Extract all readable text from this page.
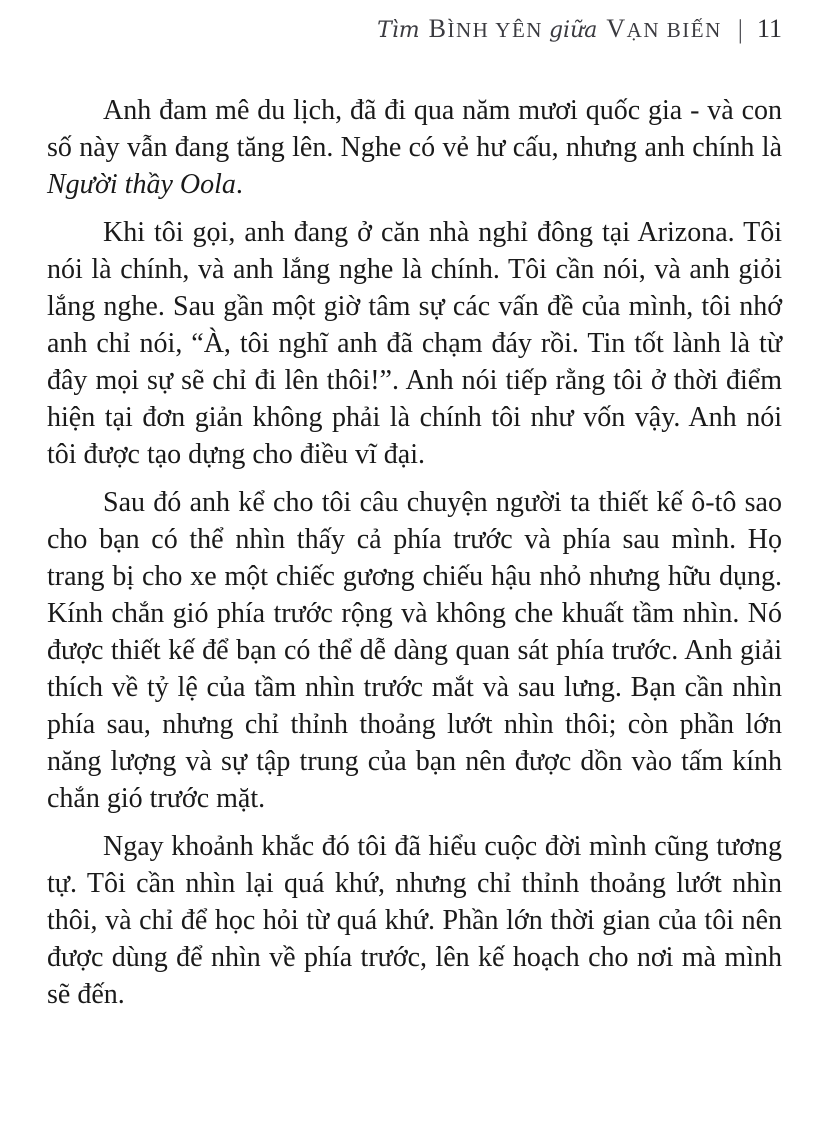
Tìm BÌNH YÊN giữa VẠN BIẾN | 11

Anh đam mê du lịch, đã đi qua năm mươi quốc gia - và con số này vẫn đang tăng lên. Nghe có vẻ hư cấu, nhưng anh chính là Người thầy Oola.

Khi tôi gọi, anh đang ở căn nhà nghỉ đông tại Arizona. Tôi nói là chính, và anh lắng nghe là chính. Tôi cần nói, và anh giỏi lắng nghe. Sau gần một giờ tâm sự các vấn đề của mình, tôi nhớ anh chỉ nói, “À, tôi nghĩ anh đã chạm đáy rồi. Tin tốt lành là từ đây mọi sự sẽ chỉ đi lên thôi!”. Anh nói tiếp rằng tôi ở thời điểm hiện tại đơn giản không phải là chính tôi như vốn vậy. Anh nói tôi được tạo dựng cho điều vĩ đại.

Sau đó anh kể cho tôi câu chuyện người ta thiết kế ô-tô sao cho bạn có thể nhìn thấy cả phía trước và phía sau mình. Họ trang bị cho xe một chiếc gương chiếu hậu nhỏ nhưng hữu dụng. Kính chắn gió phía trước rộng và không che khuất tầm nhìn. Nó được thiết kế để bạn có thể dễ dàng quan sát phía trước. Anh giải thích về tỷ lệ của tầm nhìn trước mắt và sau lưng. Bạn cần nhìn phía sau, nhưng chỉ thỉnh thoảng lướt nhìn thôi; còn phần lớn năng lượng và sự tập trung của bạn nên được dồn vào tấm kính chắn gió trước mặt.

Ngay khoảnh khắc đó tôi đã hiểu cuộc đời mình cũng tương tự. Tôi cần nhìn lại quá khứ, nhưng chỉ thỉnh thoảng lướt nhìn thôi, và chỉ để học hỏi từ quá khứ. Phần lớn thời gian của tôi nên được dùng để nhìn về phía trước, lên kế hoạch cho nơi mà mình sẽ đến.
